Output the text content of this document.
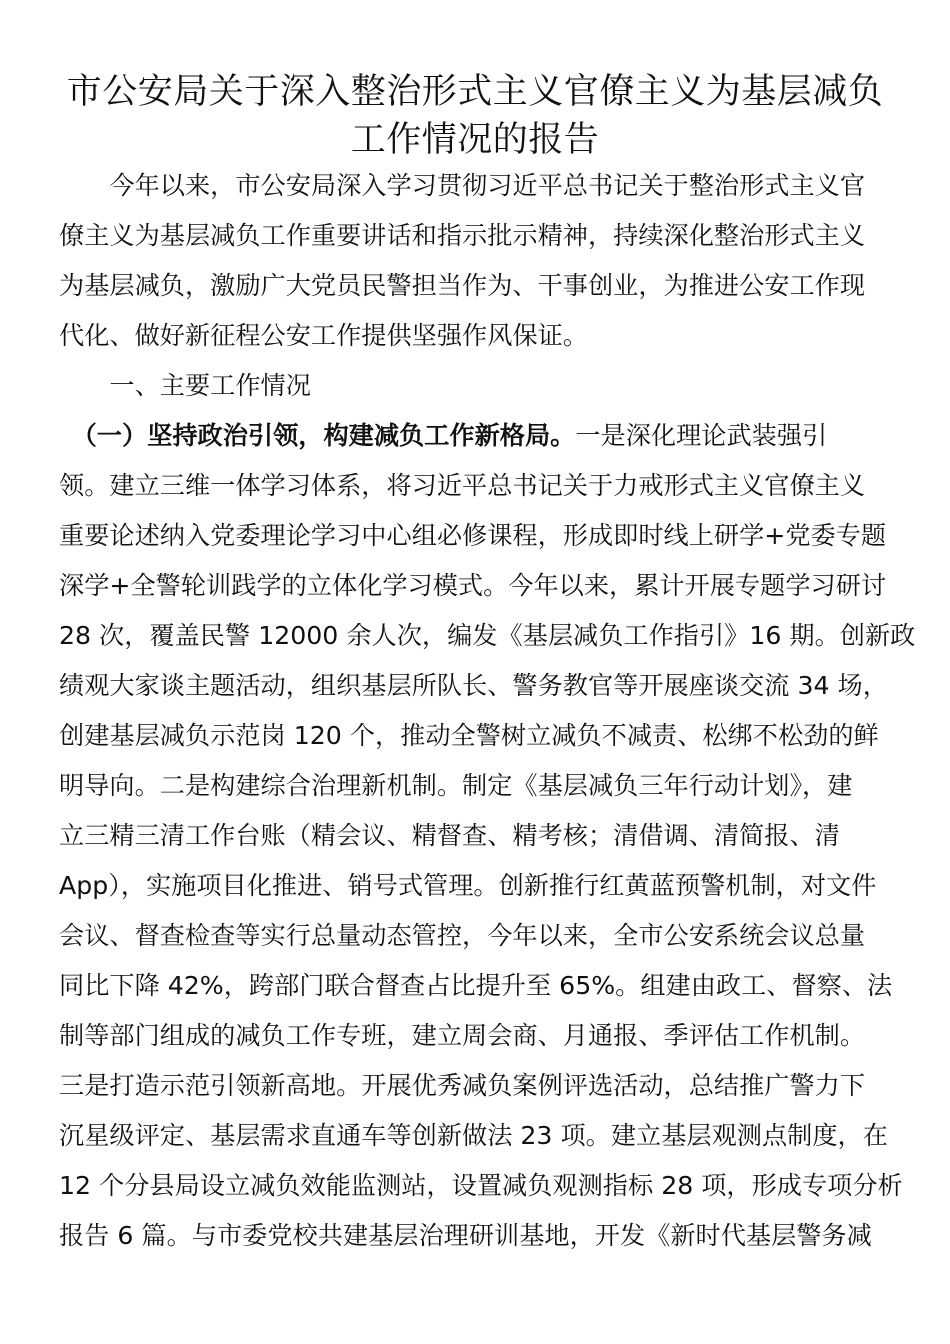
市公安局关于深入整治形式主义官僚主义为基层减负
工作情况的报告
　　今年以来，市公安局深入学习贯彻习近平总书记关于整治形式主义官
僚主义为基层减负工作重要讲话和指示批示精神，持续深化整治形式主义
为基层减负，激励广大党员民警担当作为、干事创业，为推进公安工作现
代化、做好新征程公安工作提供坚强作风保证。
　　一、主要工作情况
　（一）坚持政治引领，构建减负工作新格局。一是深化理论武装强引
领。建立三维一体学习体系，将习近平总书记关于力戒形式主义官僚主义
重要论述纳入党委理论学习中心组必修课程，形成即时线上研学+党委专题
深学+全警轮训践学的立体化学习模式。今年以来，累计开展专题学习研讨
28 次，覆盖民警 12000 余人次，编发《基层减负工作指引》16 期。创新政
绩观大家谈主题活动，组织基层所队长、警务教官等开展座谈交流 34 场，
创建基层减负示范岗 120 个，推动全警树立减负不减责、松绑不松劲的鲜
明导向。二是构建综合治理新机制。制定《基层减负三年行动计划》，建
立三精三清工作台账（精会议、精督查、精考核；清借调、清简报、清
App），实施项目化推进、销号式管理。创新推行红黄蓝预警机制，对文件
会议、督查检查等实行总量动态管控，今年以来，全市公安系统会议总量
同比下降 42%，跨部门联合督查占比提升至 65%。组建由政工、督察、法
制等部门组成的减负工作专班，建立周会商、月通报、季评估工作机制。
三是打造示范引领新高地。开展优秀减负案例评选活动，总结推广警力下
沉星级评定、基层需求直通车等创新做法 23 项。建立基层观测点制度，在
12 个分县局设立减负效能监测站，设置减负观测指标 28 项，形成专项分析
报告 6 篇。与市委党校共建基层治理研训基地，开发《新时代基层警务减
